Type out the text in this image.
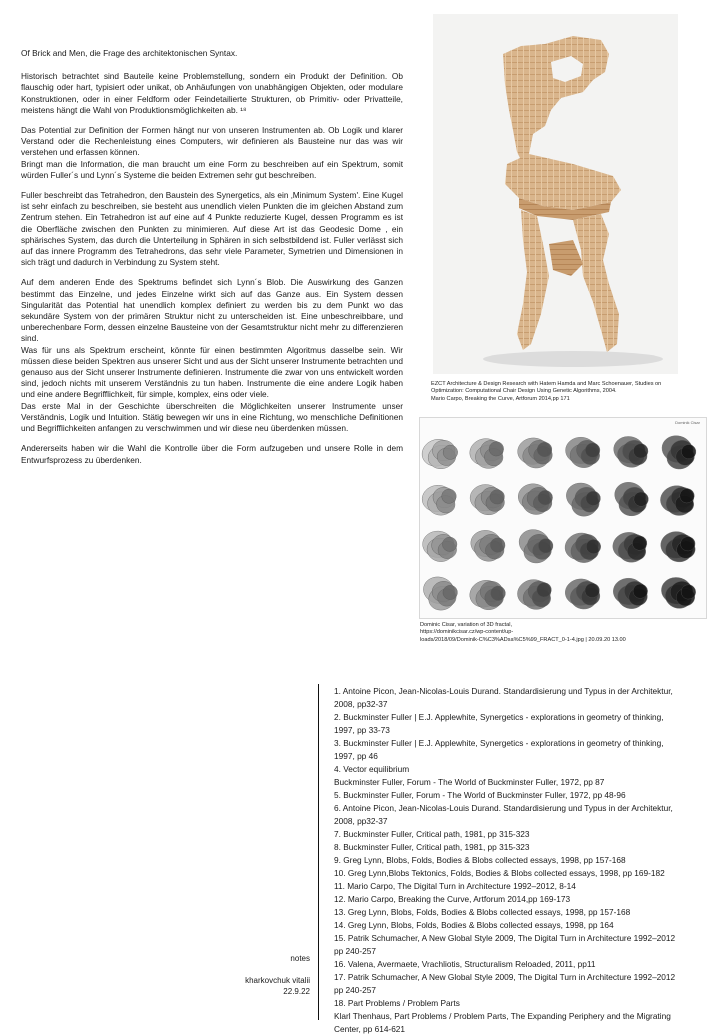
Of Brick and Men, die Frage des architektonischen Syntax.

Historisch betrachtet sind Bauteile keine Problemstellung, sondern ein Produkt der Definition. Ob flauschig oder hart, typisiert oder unikat, ob Anhäufungen von unabhängigen Objekten, oder modulare Konstruktionen, oder in einer Feldform oder Feindetailierte Strukturen, ob Primitiv- oder Privatteile, meistens hängt die Wahl von Produktionsmöglichkeiten ab. ¹⁸

Das Potential zur Definition der Formen hängt nur von unseren Instrumenten ab. Ob Logik und klarer Verstand oder die Rechenleistung eines Computers, wir definieren als Bausteine nur das was wir verstehen und erfassen können.

Bringt man die Information, die man braucht um eine Form zu beschreiben auf ein Spektrum, somit würden Fuller´s und Lynn´s Systeme die beiden Extremen sehr gut beschreiben.

Fuller beschreibt das Tetrahedron, den Baustein des Synergetics, als ein ‚Minimum System'. Eine Kugel ist sehr einfach zu beschreiben, sie besteht aus unendlich vielen Punkten die im gleichen Abstand zum Zentrum stehen. Ein Tetrahedron ist auf eine auf 4 Punkte reduzierte Kugel, dessen Programm es ist die Oberfläche zwischen den Punkten zu minimieren. Auf diese Art ist das Geodesic Dome , ein sphärisches System, das durch die Unterteilung in Sphären in sich selbstbildend ist. Fuller verlässt sich auf das innere Programm des Tetrahedrons, das sehr viele Parameter, Symetrien und Dimensionen in sich trägt und dadurch in Verbindung zu System steht.

Auf dem anderen Ende des Spektrums befindet sich Lynn´s Blob. Die Auswirkung des Ganzen bestimmt das Einzelne, und jedes Einzelne wirkt sich auf das Ganze aus. Ein System dessen Singularität das Potential hat unendlich komplex definiert zu werden bis zu dem Punkt wo das sekundäre System von der primären Struktur nicht zu unterscheiden ist. Eine unbeschreibbare, und unberechenbare Form, dessen einzelne Bausteine von der Gesamtstruktur nicht mehr zu differenzieren sind.

Was für uns als Spektrum erscheint, könnte für einen bestimmten Algoritmus dasselbe sein. Wir müssen diese beiden Spektren aus unserer Sicht und aus der Sicht unserer Instrumente betrachten und genauso aus der Sicht unserer Instrumente definieren. Instrumente die zwar von uns entwickelt worden sind, jedoch nichts mit unserem Verständnis zu tun haben. Instrumente die eine andere Logik haben und eine andere Begrifflichkeit, für simple, komplex, eins oder viele.

Das erste Mal in der Geschichte überschreiten die Möglichkeiten unserer Instrumente unser Verständnis, Logik und Intuition. Stätig bewegen wir uns in eine Richtung, wo menschliche Definitionen und Begrifflichkeiten anfangen zu verschwimmen und wir diese neu überdenken müssen.

Andererseits haben wir die Wahl die Kontrolle über die Form aufzugeben und unsere Rolle in dem Entwurfsprozess zu überdenken.

EZCT Architecture & Design Research with Hatem Hamda and Marc Schoenauer, Studies on
Optimization: Computational Chair Design Using Genetic Algorithms, 2004.
Mario Carpo, Breaking the Curve, Artforum 2014,pp 171
Dominik Cisar
Dominic Cisar, variation of 3D fractal,
https://dominikcisar.cz/wp-content/up-
loads/2018/09/Dominik-C%C3%ADsa%C5%99_FRACT_0-1-4.jpg | 20.09.20 13.00
1. Antoine Picon, Jean-Nicolas-Louis Durand. Standardisierung und Typus in der Architektur,
2008, pp32-37
2. Buckminster Fuller | E.J. Applewhite, Synergetics - explorations in geometry of thinking,
1997, pp 33-73
3. Buckminster Fuller | E.J. Applewhite, Synergetics - explorations in geometry of thinking,
1997, pp 46
4. Vector equilibrium
Buckminster Fuller, Forum - The World of Buckminster Fuller, 1972, pp 87
5. Buckminster Fuller, Forum - The World of Buckminster Fuller, 1972, pp 48-96
6. Antoine Picon, Jean-Nicolas-Louis Durand. Standardisierung und Typus in der Architektur,
2008, pp32-37
7. Buckminster Fuller, Critical path, 1981, pp 315-323
8. Buckminster Fuller, Critical path, 1981, pp 315-323
9. Greg Lynn, Blobs, Folds, Bodies & Blobs collected essays, 1998, pp 157-168
10. Greg Lynn,Blobs Tektonics, Folds, Bodies & Blobs collected essays, 1998, pp 169-182
11. Mario Carpo, The Digital Turn in Architecture 1992–2012, 8-14
12. Mario Carpo, Breaking the Curve, Artforum 2014,pp 169-173
13. Greg Lynn, Blobs, Folds, Bodies & Blobs collected essays, 1998, pp 157-168
14. Greg Lynn, Blobs, Folds, Bodies & Blobs collected essays, 1998, pp 164
15. Patrik Schumacher, A New Global Style 2009, The Digital Turn in Architecture 1992–2012
pp 240-257
16. Valena, Avermaete, Vrachliotis, Structuralism Reloaded, 2011, pp11
17. Patrik Schumacher, A New Global Style 2009, The Digital Turn in Architecture 1992–2012
pp 240-257
18. Part Problems / Problem Parts
Klarl Thenhaus, Part Problems / Problem Parts, The Expanding Periphery and the Migrating
Center, pp 614-621
notes
kharkovchuk vitalii
22.9.22
